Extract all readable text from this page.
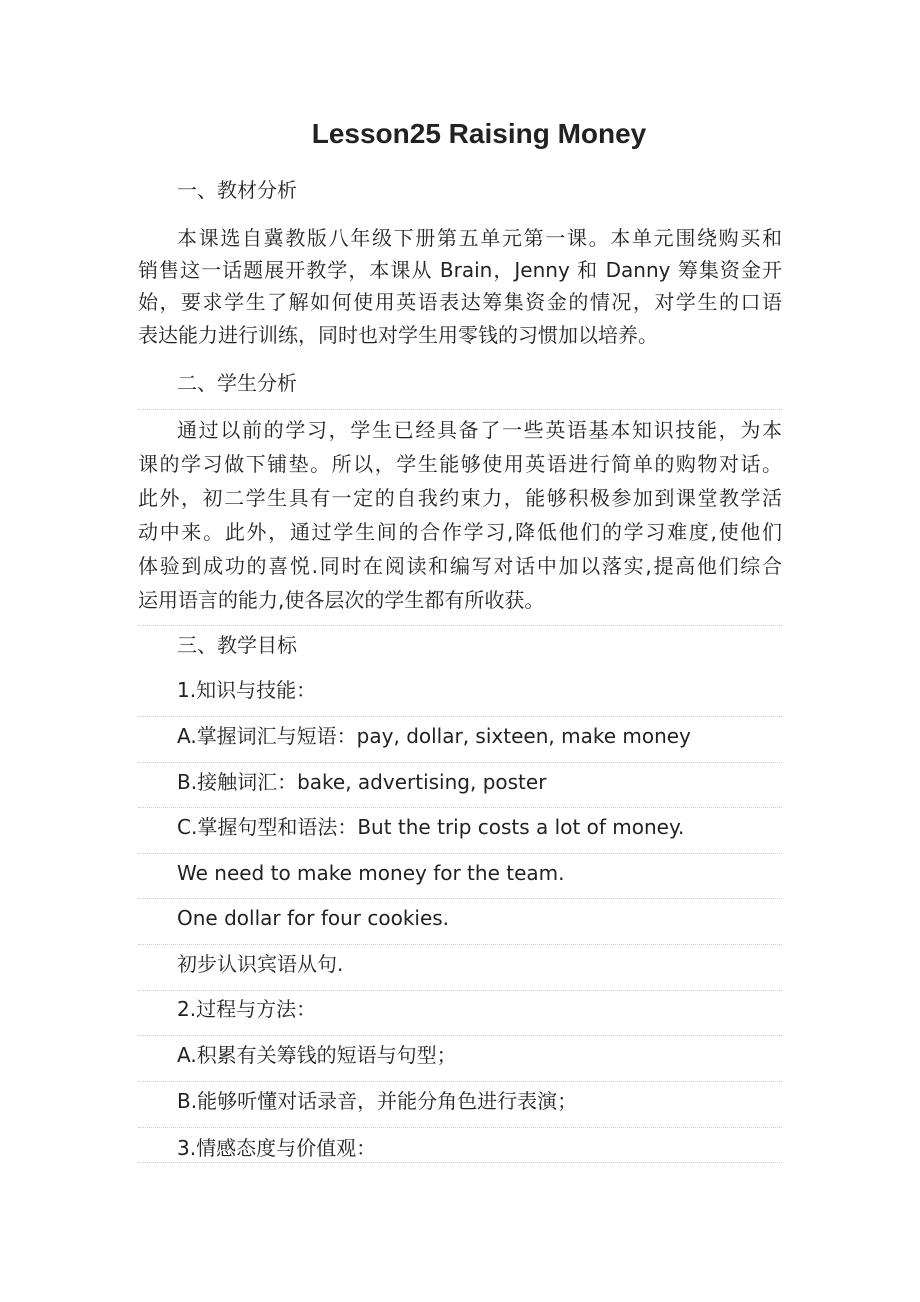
Lesson25 Raising Money
一、教材分析
本课选自冀教版八年级下册第五单元第一课。本单元围绕购买和
销售这一话题展开教学，本课从 Brain，Jenny 和 Danny 筹集资金开
始，要求学生了解如何使用英语表达筹集资金的情况，对学生的口语
表达能力进行训练，同时也对学生用零钱的习惯加以培养。
二、学生分析
通过以前的学习，学生已经具备了一些英语基本知识技能，为本
课的学习做下铺垫。所以，学生能够使用英语进行简单的购物对话。
此外，初二学生具有一定的自我约束力，能够积极参加到课堂教学活
动中来。此外，通过学生间的合作学习,降低他们的学习难度,使他们
体验到成功的喜悦.同时在阅读和编写对话中加以落实,提高他们综合
运用语言的能力,使各层次的学生都有所收获。
三、教学目标
1.知识与技能：
A.掌握词汇与短语：pay, dollar, sixteen, make money
B.接触词汇：bake, advertising, poster
C.掌握句型和语法：But the trip costs a lot of money.
We need to make money for the team.
One dollar for four cookies.
初步认识宾语从句.
2.过程与方法：
A.积累有关筹钱的短语与句型；
B.能够听懂对话录音，并能分角色进行表演；
3.情感态度与价值观：
